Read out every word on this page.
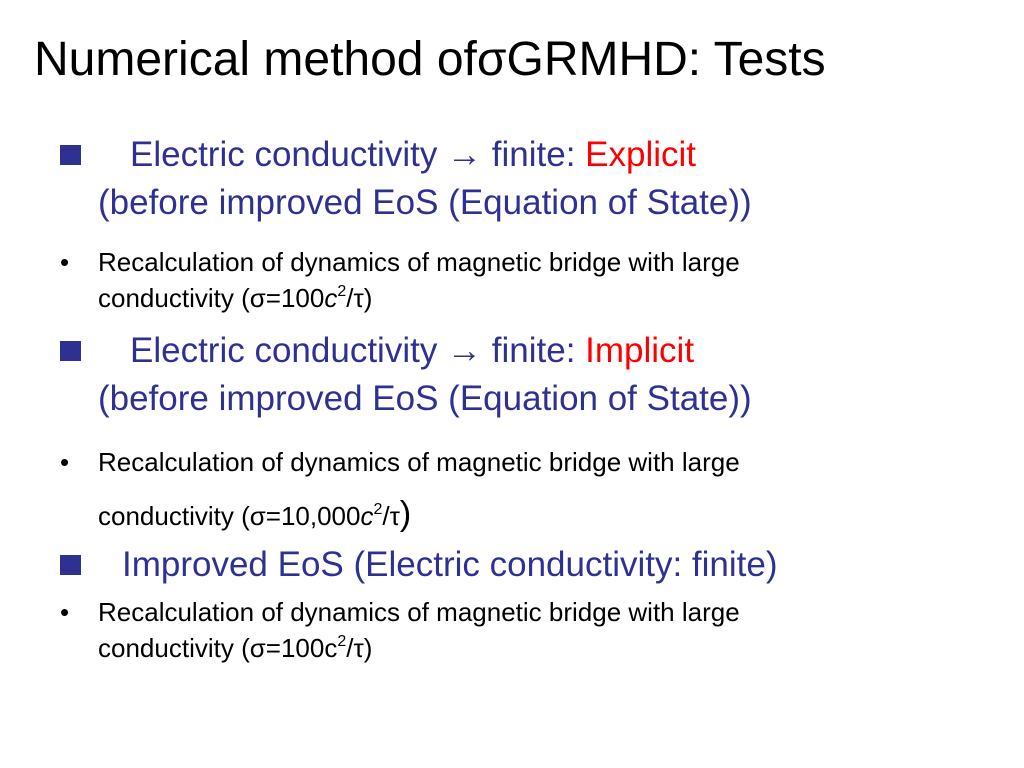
Numerical method ofσGRMHD: Tests
Electric conductivity → finite: Explicit
(before improved EoS (Equation of State))
• Recalculation of dynamics of magnetic bridge with large
conductivity $(\sigma=100c^2/\tau)$
Electric conductivity → finite: Implicit
(before improved EoS (Equation of State))
• Recalculation of dynamics of magnetic bridge with large
conductivity $(\sigma=10,000c^2/\tau)$
Improved EoS (Electric conductivity: finite)
• Recalculation of dynamics of magnetic bridge with large
conductivity $(\sigma=100c^2/\tau)$
